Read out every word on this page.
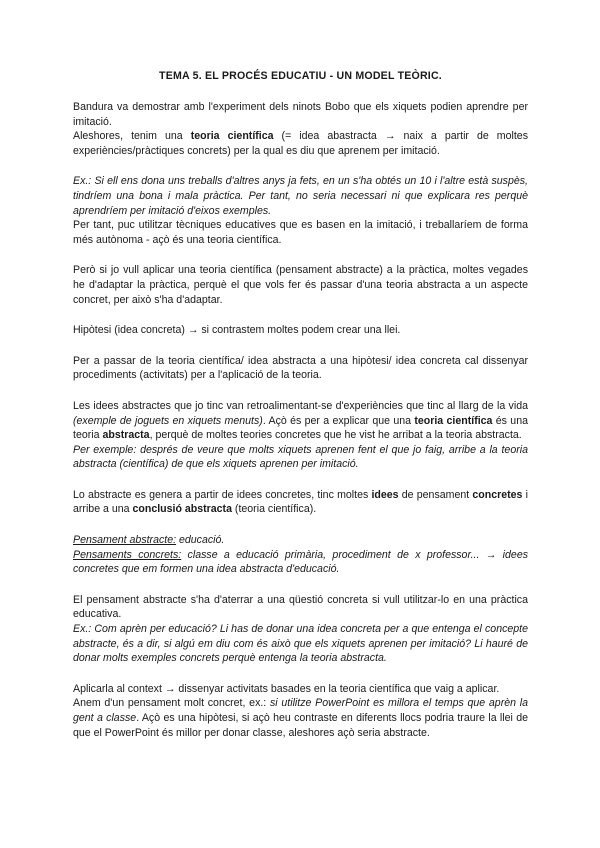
TEMA 5. EL PROCÉS EDUCATIU - UN MODEL TEÒRIC.

Bandura va demostrar amb l'experiment dels ninots Bobo que els xiquets podien aprendre per imitació.

Aleshores, tenim una teoria científica (= idea abastracta → naix a partir de moltes experiències/pràctiques concrets) per la qual es diu que aprenem per imitació.

Ex.: Si ell ens dona uns treballs d'altres anys ja fets, en un s'ha obtés un 10 i l'altre està suspès, tindríem una bona i mala pràctica. Per tant, no seria necessari ni que explicara res perquè aprendríem per imitació d'eixos exemples.

Per tant, puc utilitzar tècniques educatives que es basen en la imitació, i treballaríem de forma més autònoma - açò és una teoria científica.

Però si jo vull aplicar una teoria científica (pensament abstracte) a la pràctica, moltes vegades he d'adaptar la pràctica, perquè el que vols fer és passar d'una teoria abstracta a un aspecte concret, per això s'ha d'adaptar.

Hipòtesi (idea concreta) → si contrastem moltes podem crear una llei.

Per a passar de la teoria científica/ idea abstracta a una hipòtesi/ idea concreta cal dissenyar procediments (activitats) per a l'aplicació de la teoria.

Les idees abstractes que jo tinc van retroalimentant-se d'experiències que tinc al llarg de la vida (exemple de joguets en xiquets menuts). Açò és per a explicar que una teoria científica és una teoria abstracta, perquè de moltes teories concretes que he vist he arribat a la teoria abstracta.

Per exemple: després de veure que molts xiquets aprenen fent el que jo faig, arribe a la teoria abstracta (científica) de que els xiquets aprenen per imitació.

Lo abstracte es genera a partir de idees concretes, tinc moltes idees de pensament concretes i arribe a una conclusió abstracta (teoria científica).

Pensament abstracte: educació.

Pensaments concrets: classe a educació primària, procediment de x professor... → idees concretes que em formen una idea abstracta d'educació.

El pensament abstracte s'ha d'aterrar a una qüestió concreta si vull utilitzar-lo en una pràctica educativa.

Ex.: Com aprèn per educació? Li has de donar una idea concreta per a que entenga el concepte abstracte, és a dir, si algú em diu com és això que els xiquets aprenen per imitació? Li hauré de donar molts exemples concrets perquè entenga la teoria abstracta.

Aplicarla al context → dissenyar activitats basades en la teoria científica que vaig a aplicar.

Anem d'un pensament molt concret, ex.: si utilitze PowerPoint es millora el temps que aprèn la gent a classe. Açò es una hipòtesi, si açò heu contraste en diferents llocs podria traure la llei de que el PowerPoint és millor per donar classe, aleshores açò seria abstracte.
